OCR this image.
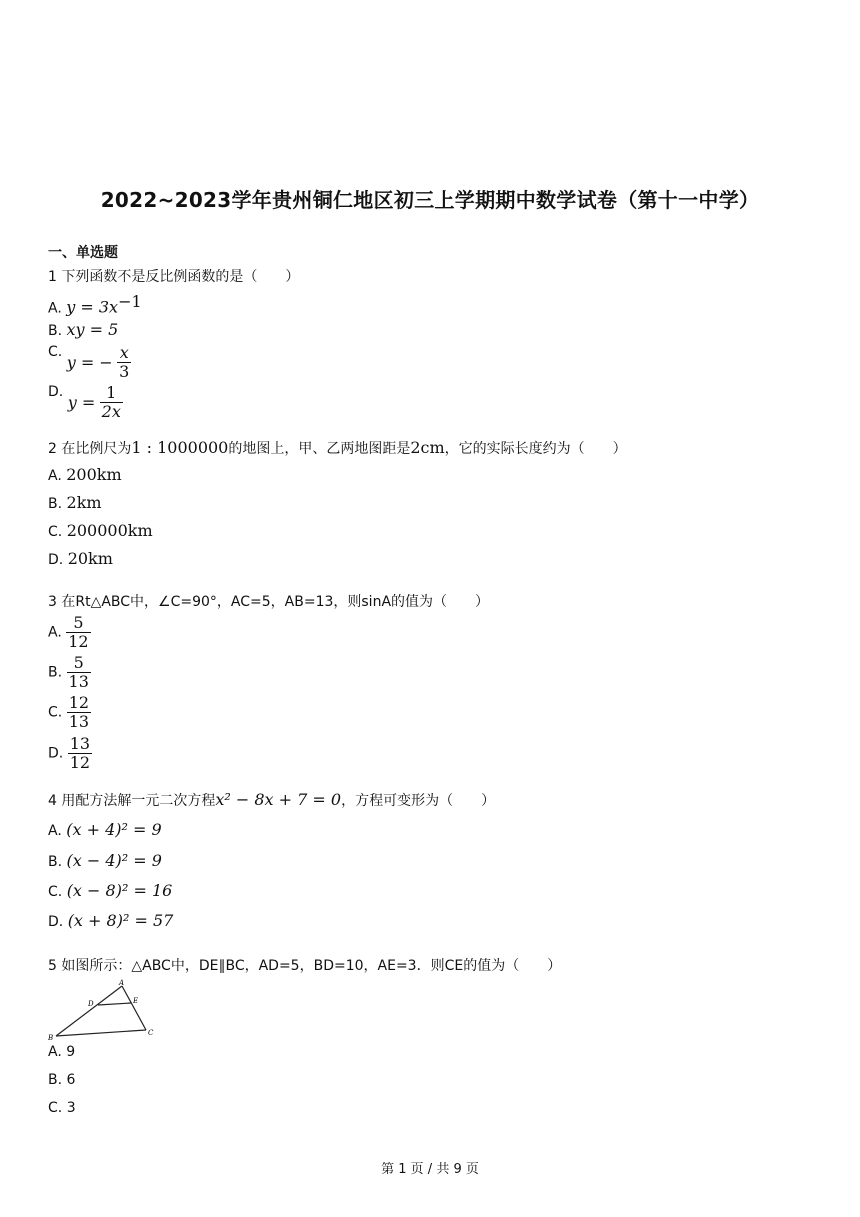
2022~2023学年贵州铜仁地区初三上学期期中数学试卷（第十一中学）
一、单选题
1 下列函数不是反比例函数的是（　　）
A. $y = 3x^{-1}$
B. xy = 5
C. y = − $\frac{x}{3}$
D. $y = \frac{1}{2x}$
2 在比例尺为1 : 1000000的地图上，甲、乙两地图距是2cm，它的实际长度约为（　　）
A. 200km
B. 2km
C. 200000km
D. 20km
3 在Rt△ABC中，∠C=90°，AC=5，AB=13，则sinA的值为（　　）
A. $\frac{5}{12}$
B. $\frac{5}{13}$
C. $\frac{12}{13}$
D. $\frac{13}{12}$
4 用配方法解一元二次方程x² − 8x + 7 = 0，方程可变形为（　　）
A. (x + 4)² = 9
B. (x − 4)² = 9
C. (x − 8)² = 16
D. (x + 8)² = 57
5 如图所示：△ABC中，DE∥BC，AD=5，BD=10，AE=3．则CE的值为（　　）
A
B
C
D	E
A. 9
B. 6
C. 3
第 1 页 / 共 9 页
